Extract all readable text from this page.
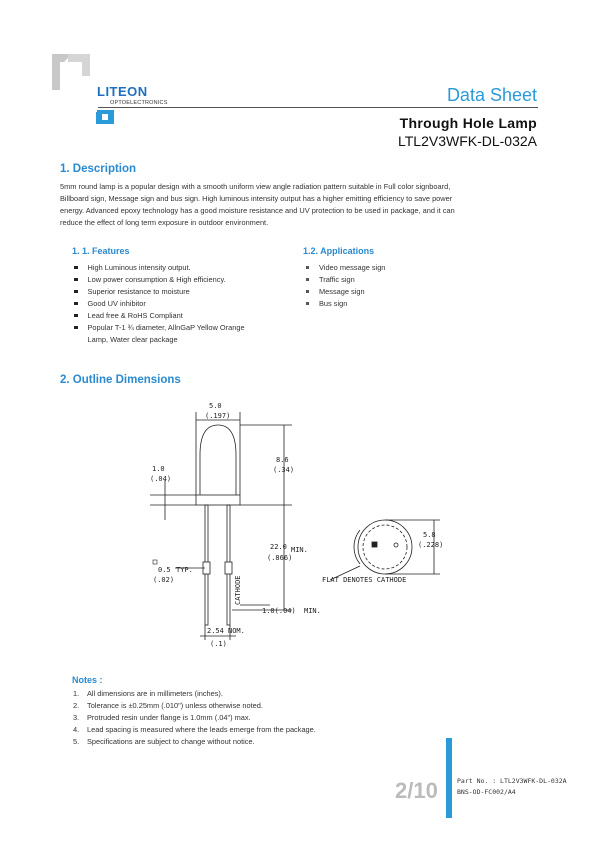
LITEON
OPTOELECTRONICS	Data Sheet
Through Hole Lamp
LTL2V3WFK-DL-032A
1. Description
5mm round lamp is a popular design with a smooth uniform view angle radiation pattern suitable in Full color signboard,
Billboard sign, Message sign and bus sign. High luminous intensity output has a higher emitting efficiency to save power
energy. Advanced epoxy technology has a good moisture resistance and UV protection to be used in package, and it can
reduce the effect of long term exposure in outdoor environment.
1. 1. Features
High Luminous intensity output.
Low power consumption & High efficiency.
Superior resistance to moisture
Good UV inhibitor
Lead free & RoHS Compliant
Popular T-1 ¾ diameter, AllnGaP Yellow Orange
Lamp, Water clear package
1.2. Applications
Video message sign
Traffic sign
Message sign
Bus sign
2. Outline Dimensions
5.0
(.197)
1.0
(.04)
8.6
(.34)
22.0 MIN.
(.866)
0.5 TYP.
(.02)	CATHODE
1.0(.04) MIN.
2.54 NOM.
(.1)
5.8
(.228)
FLAT DENOTES CATHODE
Notes :
1. All dimensions are in millimeters (inches).
2. Tolerance is ±0.25mm (.010") unless otherwise noted.
3. Protruded resin under flange is 1.0mm (.04") max.
4. Lead spacing is measured where the leads emerge from the package.
5. Specifications are subject to change without notice.
2/10	Part No. : LTL2V3WFK-DL-032A
BNS-OD-FC002/A4
